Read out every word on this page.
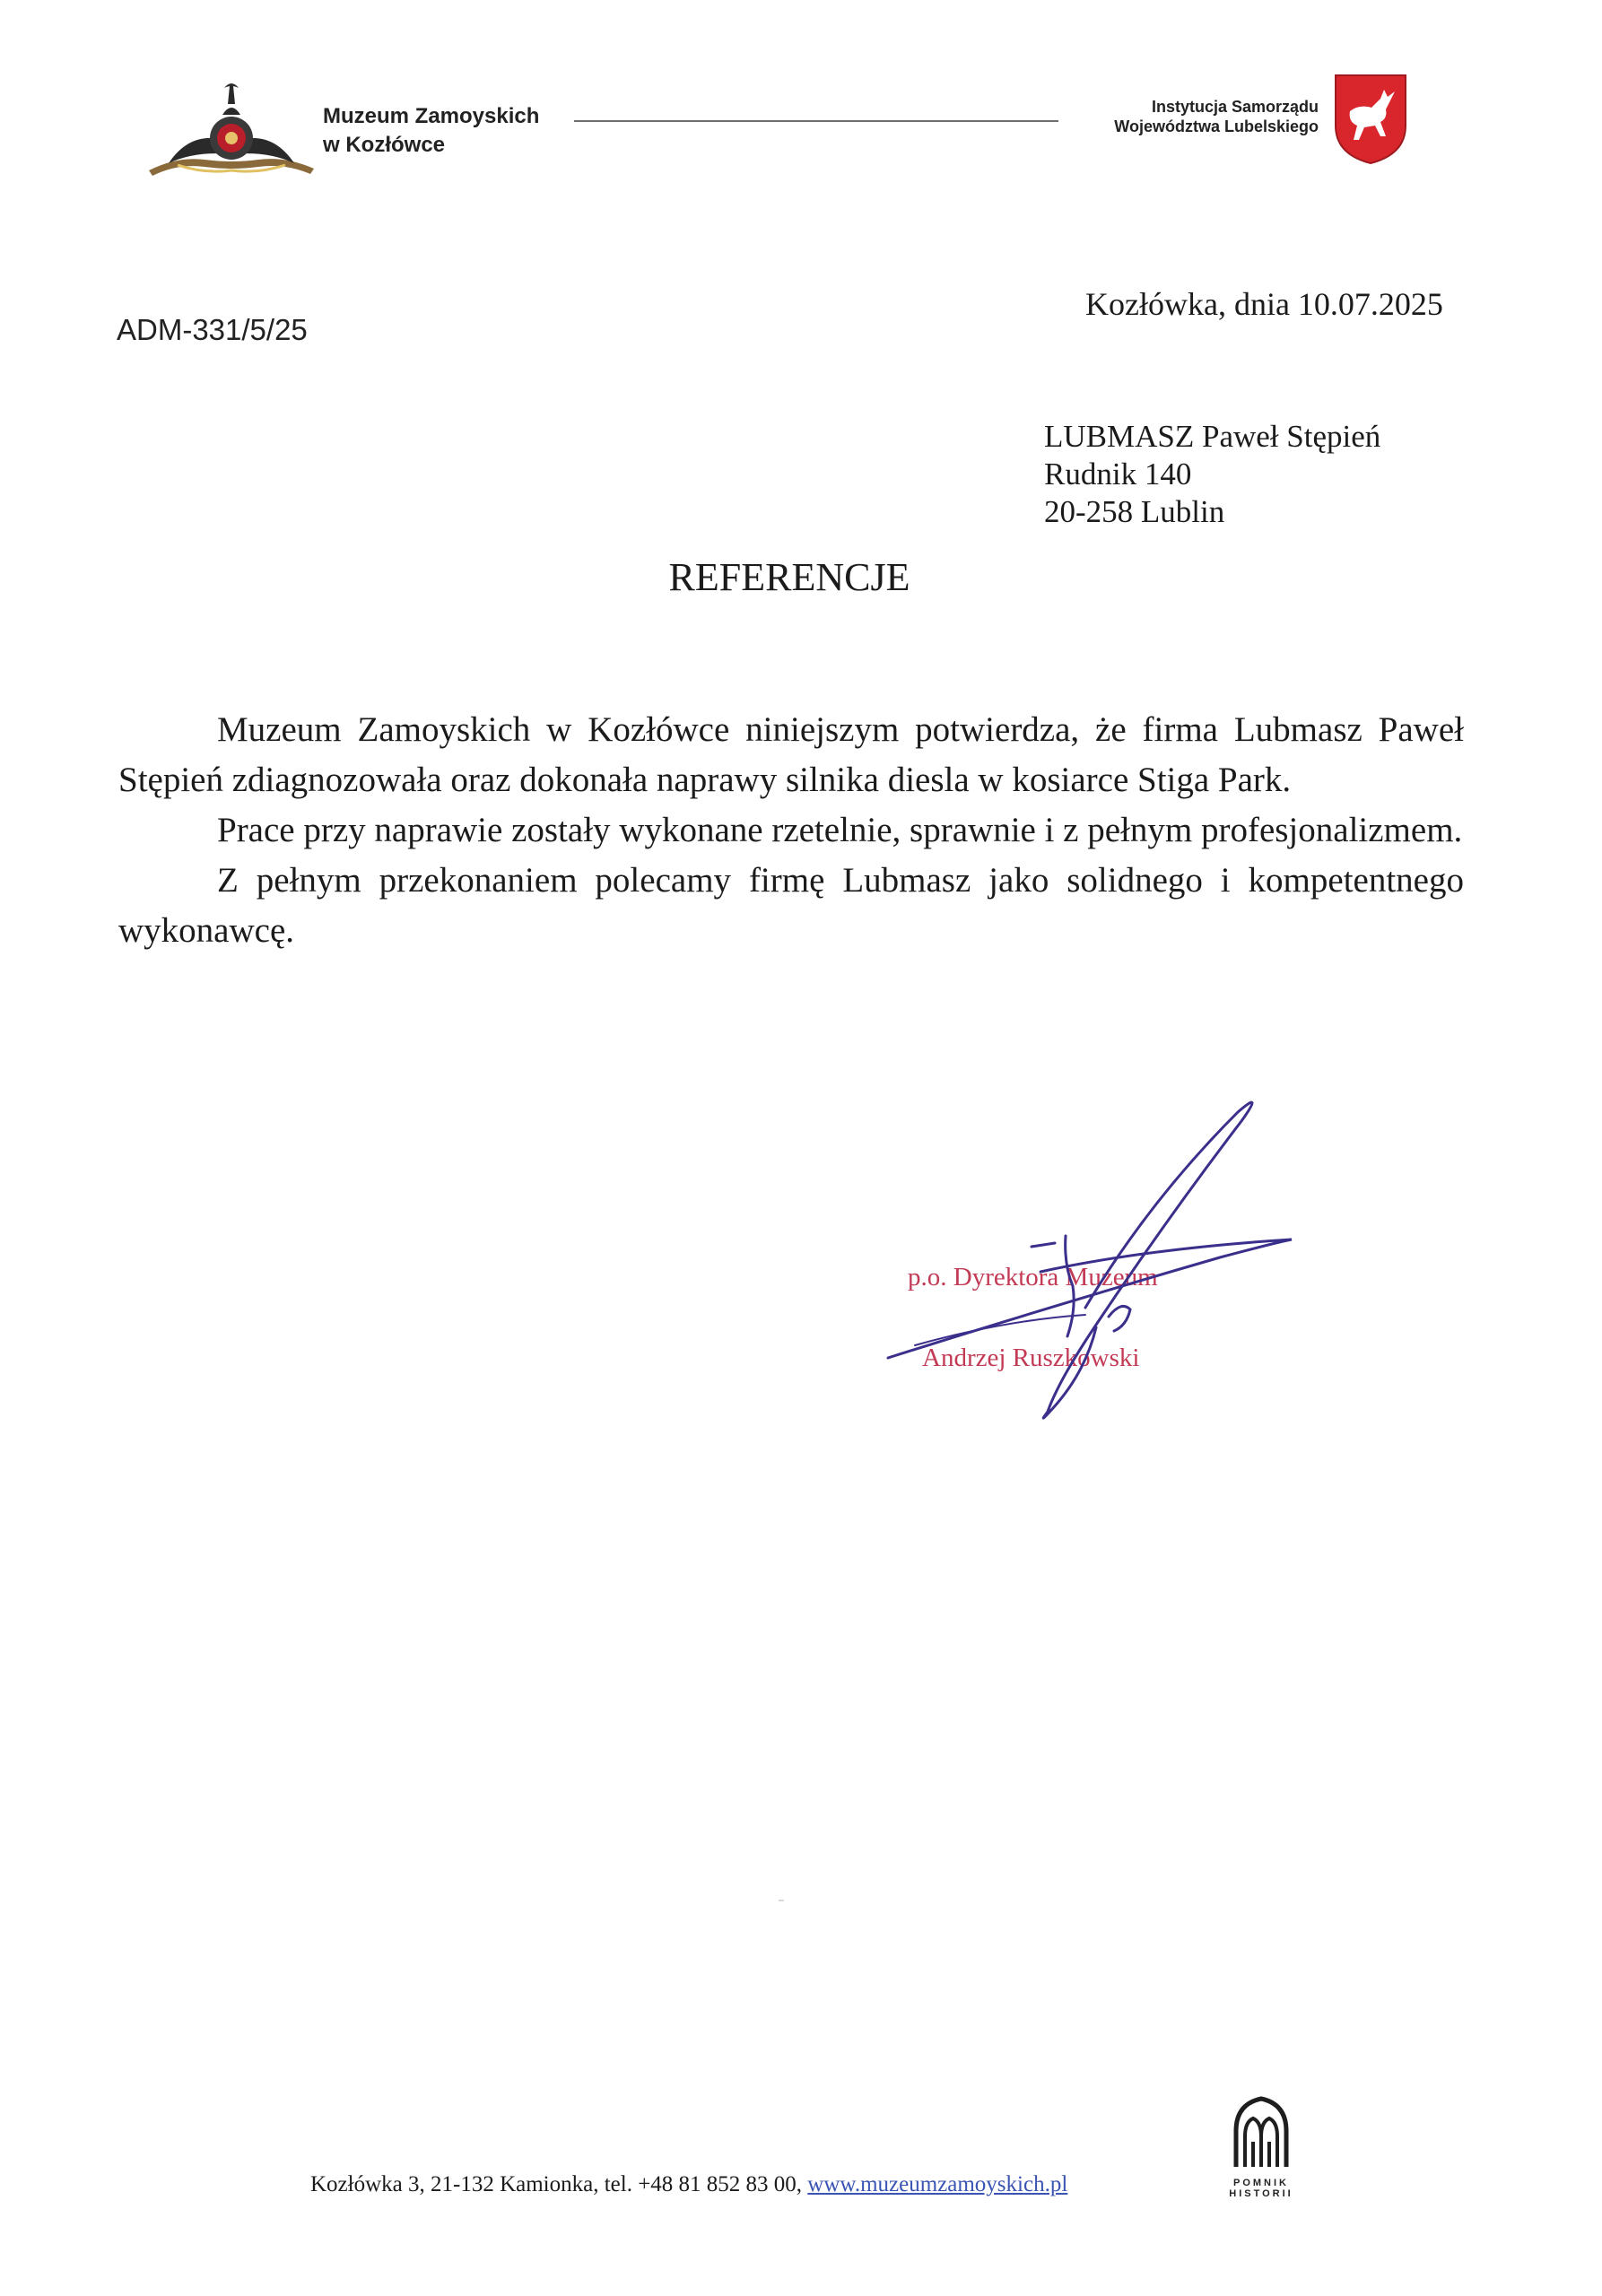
Muzeum Zamoyskich
w Kozłówce
Instytucja Samorządu
Województwa Lubelskiego
ADM-331/5/25
Kozłówka, dnia 10.07.2025
LUBMASZ Paweł Stępień
Rudnik 140
20-258 Lublin
REFERENCJE

Muzeum Zamoyskich w Kozłówce niniejszym potwierdza, że firma Lubmasz Paweł Stępień zdiagnozowała oraz dokonała naprawy silnika diesla w kosiarce Stiga Park.

Prace przy naprawie zostały wykonane rzetelnie, sprawnie i z pełnym profesjonalizmem.

Z pełnym przekonaniem polecamy firmę Lubmasz jako solidnego i kompetentnego wykonawcę.

p.o. Dyrektora Muzeum
Andrzej Ruszkowski
Kozłówka 3, 21-132 Kamionka, tel. +48 81 852 83 00, www.muzeumzamoyskich.pl	POMNIK HISTORII
